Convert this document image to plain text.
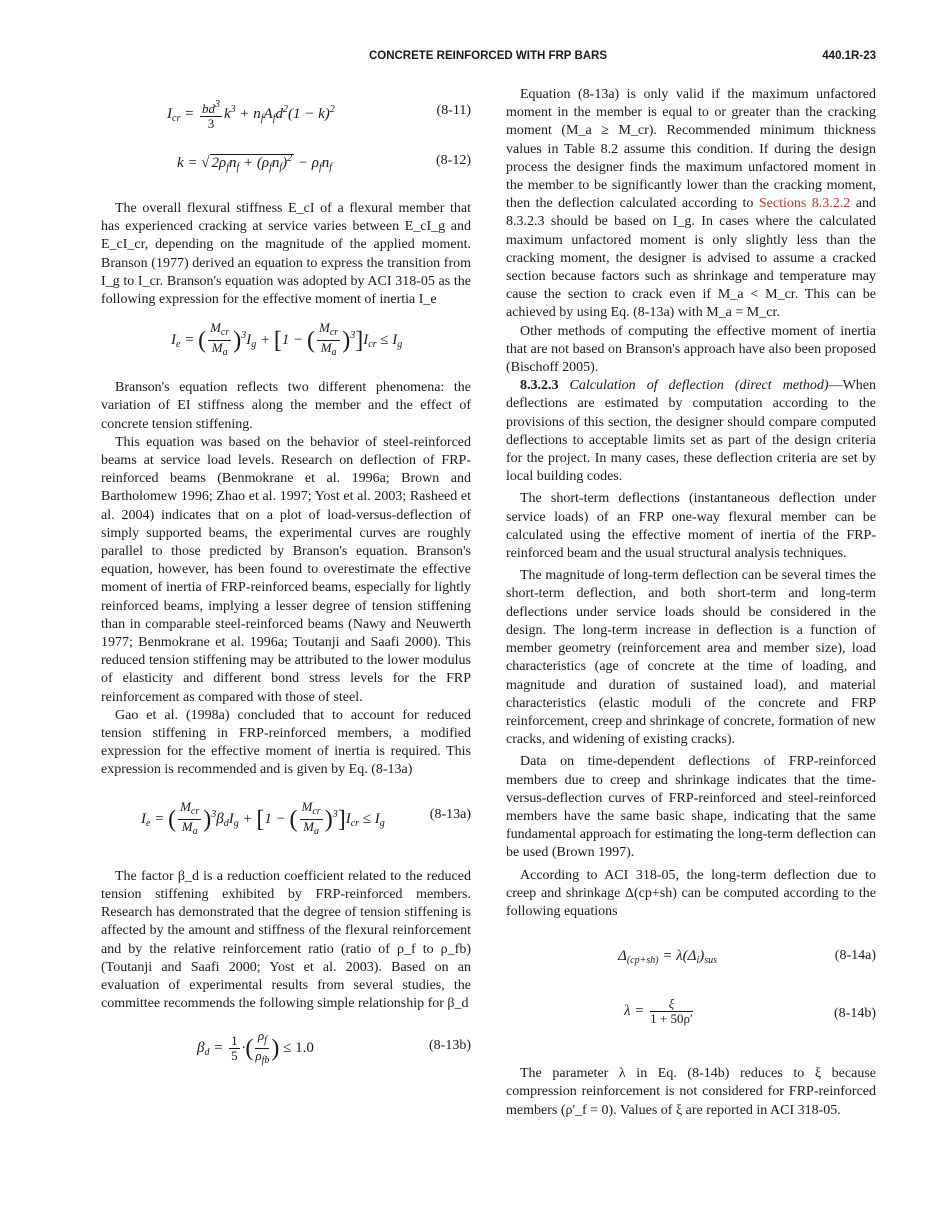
CONCRETE REINFORCED WITH FRP BARS	440.1R-23
$I_{cr} = \frac{bd^3}{3} k^3 + n_fA_fd^2(1 - k)^2$	(8-11)
k = √ $2\rho_fn_f + (\rho_fn_f)^2 - \rho_fn_f$	(8-12)

The overall flexural stiffness E_cI of a flexural member that has experienced cracking at service varies between E_cI_g and E_cI_cr, depending on the magnitude of the applied moment. Branson (1977) derived an equation to express the transition from I_g to I_cr. Branson's equation was adopted by ACI 318-05 as the following expression for the effective moment of inertia I_e

$I_e$ = ( $\frac{M_{cr}}{M_a} )^3I_g + [1$ − ( $\frac{M_{cr}}{M_a} )^3]I_{cr} \le I_g$

Branson's equation reflects two different phenomena: the variation of EI stiffness along the member and the effect of concrete tension stiffening.

This equation was based on the behavior of steel-reinforced beams at service load levels. Research on deflection of FRP-reinforced beams (Benmokrane et al. 1996a; Brown and Bartholomew 1996; Zhao et al. 1997; Yost et al. 2003; Rasheed et al. 2004) indicates that on a plot of load-versus-deflection of simply supported beams, the experimental curves are roughly parallel to those predicted by Branson's equation. Branson's equation, however, has been found to overestimate the effective moment of inertia of FRP-reinforced beams, especially for lightly reinforced beams, implying a lesser degree of tension stiffening than in comparable steel-reinforced beams (Nawy and Neuwerth 1977; Benmokrane et al. 1996a; Toutanji and Saafi 2000). This reduced tension stiffening may be attributed to the lower modulus of elasticity and different bond stress levels for the FRP reinforcement as compared with those of steel.

Gao et al. (1998a) concluded that to account for reduced tension stiffening in FRP-reinforced members, a modified expression for the effective moment of inertia is required. This expression is recommended and is given by Eq. (8-13a)

$I_e$ = ( $\frac{M_{cr}}{M_a} )^3\beta_dI_g + [1$ − ( $\frac{M_{cr}}{M_a} )^3]I_{cr} \le I_g$
(8-13a)

The factor β_d is a reduction coefficient related to the reduced tension stiffening exhibited by FRP-reinforced members. Research has demonstrated that the degree of tension stiffening is affected by the amount and stiffness of the flexural reinforcement and by the relative reinforcement ratio (ratio of ρ_f to ρ_fb) (Toutanji and Saafi 2000; Yost et al. 2003). Based on an evaluation of experimental results from several studies, the committee recommends the following simple relationship for β_d

$\beta_d = \frac{1}{5}$ ·( $\frac{\rho_f}{\rho_{fb}}$ ) ≤ 1.0	(8-13b)

Equation (8-13a) is only valid if the maximum unfactored moment in the member is equal to or greater than the cracking moment (M_a ≥ M_cr). Recommended minimum thickness values in Table 8.2 assume this condition. If during the design process the designer finds the maximum unfactored moment in the member to be significantly lower than the cracking moment, then the deflection calculated according to Sections 8.3.2.2 and 8.3.2.3 should be based on I_g. In cases where the calculated maximum unfactored moment is only slightly less than the cracking moment, the designer is advised to assume a cracked section because factors such as shrinkage and temperature may cause the section to crack even if M_a < M_cr. This can be achieved by using Eq. (8-13a) with M_a = M_cr.

Other methods of computing the effective moment of inertia that are not based on Branson's approach have also been proposed (Bischoff 2005).

8.3.2.3 Calculation of deflection (direct method)—When deflections are estimated by computation according to the provisions of this section, the designer should compare computed deflections to acceptable limits set as part of the design criteria for the project. In many cases, these deflection criteria are set by local building codes.

The short-term deflections (instantaneous deflection under service loads) of an FRP one-way flexural member can be calculated using the effective moment of inertia of the FRP-reinforced beam and the usual structural analysis techniques.

The magnitude of long-term deflection can be several times the short-term deflection, and both short-term and long-term deflections under service loads should be considered in the design. The long-term increase in deflection is a function of member geometry (reinforcement area and member size), load characteristics (age of concrete at the time of loading, and magnitude and duration of sustained load), and material characteristics (elastic moduli of the concrete and FRP reinforcement, creep and shrinkage of concrete, formation of new cracks, and widening of existing cracks).

Data on time-dependent deflections of FRP-reinforced members due to creep and shrinkage indicates that the time-versus-deflection curves of FRP-reinforced and steel-reinforced members have the same basic shape, indicating that the same fundamental approach for estimating the long-term deflection can be used (Brown 1997).

According to ACI 318-05, the long-term deflection due to creep and shrinkage Δ(cp+sh) can be computed according to the following equations

$\Delta_{(cp+sh)} = \lambda(\Delta_i)_{sus}$	(8-14a)
$\lambda = \frac{\xi}{1 + 50\rho'}$	(8-14b)

The parameter λ in Eq. (8-14b) reduces to ξ because compression reinforcement is not considered for FRP-reinforced members (ρ'_f = 0). Values of ξ are reported in ACI 318-05.
